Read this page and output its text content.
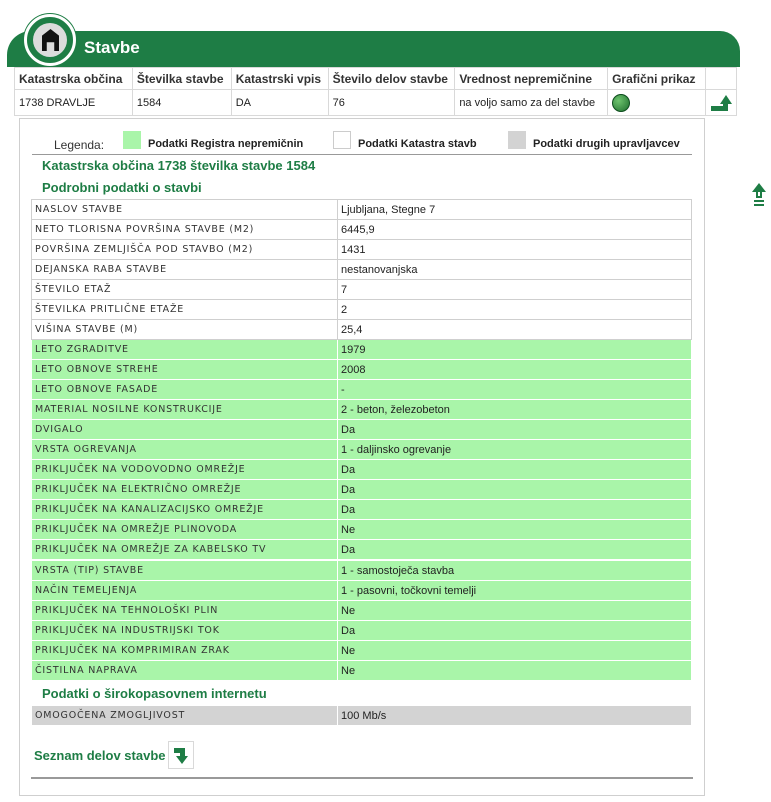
Stavbe
Katastrska občina	Številka stavbe	Katastrski vpis	Število delov stavbe	Vrednost nepremičnine	Grafični prikaz	
1738 DRAVLJE	1584	DA	76	na voljo samo za del stavbe		
Legenda:	Podatki Registra nepremičnin	Podatki Katastra stavb	Podatki drugih upravljavcev
Katastrska občina 1738 številka stavbe 1584
Podrobni podatki o stavbi
NASLOV STAVBE	Ljubljana, Stegne 7
NETO TLORISNA POVRŠINA STAVBE (M2)	6445,9
POVRŠINA ZEMLJIŠČA POD STAVBO (M2)	1431
DEJANSKA RABA STAVBE	nestanovanjska
ŠTEVILO ETAŽ	7
ŠTEVILKA PRITLIČNE ETAŽE	2
VIŠINA STAVBE (M)	25,4
LETO ZGRADITVE	1979
LETO OBNOVE STREHE	2008
LETO OBNOVE FASADE	-
MATERIAL NOSILNE KONSTRUKCIJE	2 - beton, železobeton
DVIGALO	Da
VRSTA OGREVANJA	1 - daljinsko ogrevanje
PRIKLJUČEK NA VODOVODNO OMREŽJE	Da
PRIKLJUČEK NA ELEKTRIČNO OMREŽJE	Da
PRIKLJUČEK NA KANALIZACIJSKO OMREŽJE	Da
PRIKLJUČEK NA OMREŽJE PLINOVODA	Ne
PRIKLJUČEK NA OMREŽJE ZA KABELSKO TV	Da
VRSTA (TIP) STAVBE	1 - samostoječa stavba
NAČIN TEMELJENJA	1 - pasovni, točkovni temelji
PRIKLJUČEK NA TEHNOLOŠKI PLIN	Ne
PRIKLJUČEK NA INDUSTRIJSKI TOK	Da
PRIKLJUČEK NA KOMPRIMIRAN ZRAK	Ne
ČISTILNA NAPRAVA	Ne
Podatki o širokopasovnem internetu
OMOGOČENA ZMOGLJIVOST	100 Mb/s
Seznam delov stavbe
